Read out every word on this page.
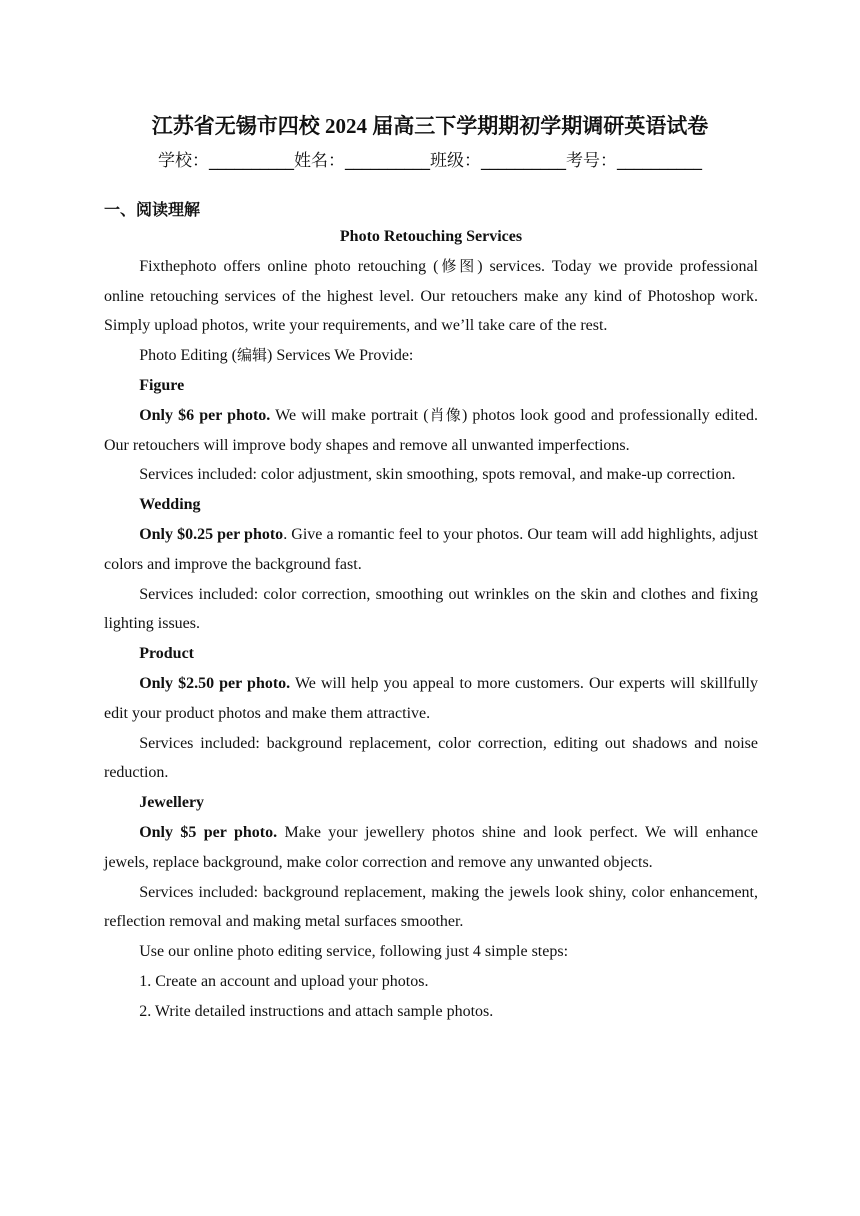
江苏省无锡市四校 2024 届高三下学期期初学期调研英语试卷
学校：__________姓名：__________班级：__________考号：__________
一、阅读理解

Photo Retouching Services

Fixthephoto offers online photo retouching (修图) services. Today we provide professional online retouching services of the highest level. Our retouchers make any kind of Photoshop work. Simply upload photos, write your requirements, and we’ll take care of the rest.

Photo Editing (编辑) Services We Provide:

Figure

Only $6 per photo. We will make portrait (肖像) photos look good and professionally edited. Our retouchers will improve body shapes and remove all unwanted imperfections.

Services included: color adjustment, skin smoothing, spots removal, and make-up correction.

Wedding

Only $0.25 per photo. Give a romantic feel to your photos. Our team will add highlights, adjust colors and improve the background fast.

Services included: color correction, smoothing out wrinkles on the skin and clothes and fixing lighting issues.

Product

Only $2.50 per photo. We will help you appeal to more customers. Our experts will skillfully edit your product photos and make them attractive.

Services included: background replacement, color correction, editing out shadows and noise reduction.

Jewellery

Only $5 per photo. Make your jewellery photos shine and look perfect. We will enhance jewels, replace background, make color correction and remove any unwanted objects.

Services included: background replacement, making the jewels look shiny, color enhancement, reflection removal and making metal surfaces smoother.

Use our online photo editing service, following just 4 simple steps:

1. Create an account and upload your photos.

2. Write detailed instructions and attach sample photos.
